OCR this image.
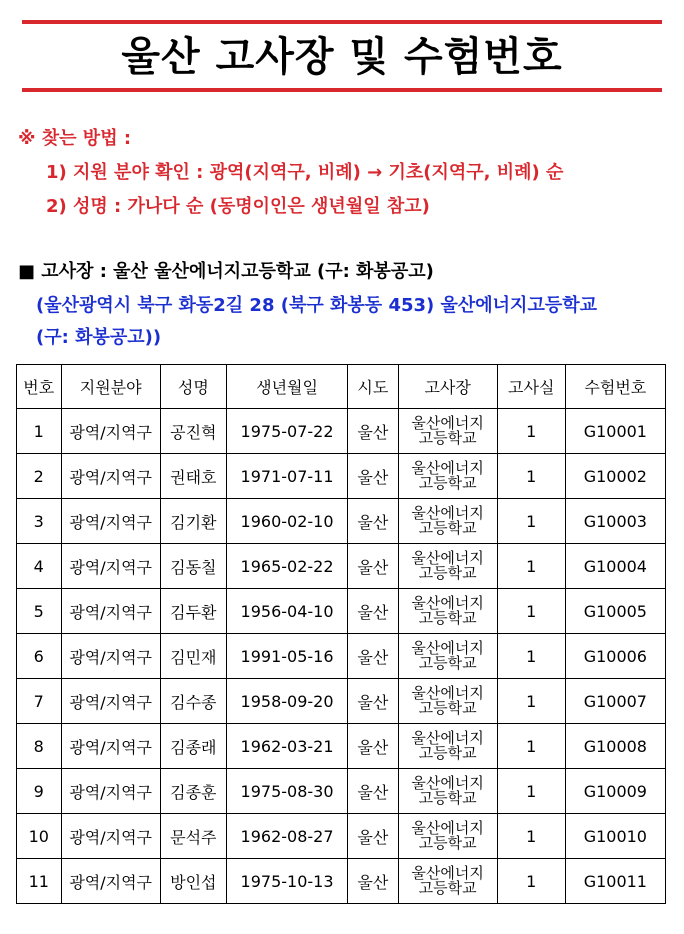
울산 고사장 및 수험번호
※ 찾는 방법 :
1) 지원 분야 확인 : 광역(지역구, 비례) → 기초(지역구, 비례) 순
2) 성명 : 가나다 순 (동명이인은 생년월일 참고)
■ 고사장 : 울산 울산에너지고등학교 (구: 화봉공고)
(울산광역시 북구 화동2길 28 (북구 화봉동 453) 울산에너지고등학교
(구: 화봉공고))
번호	지원분야	성명	생년월일	시도	고사장	고사실	수험번호
1	광역/지역구	공진혁	1975-07-22	울산	울산에너지
고등학교	1	G10001
2	광역/지역구	권태호	1971-07-11	울산	울산에너지
고등학교	1	G10002
3	광역/지역구	김기환	1960-02-10	울산	울산에너지
고등학교	1	G10003
4	광역/지역구	김동칠	1965-02-22	울산	울산에너지
고등학교	1	G10004
5	광역/지역구	김두환	1956-04-10	울산	울산에너지
고등학교	1	G10005
6	광역/지역구	김민재	1991-05-16	울산	울산에너지
고등학교	1	G10006
7	광역/지역구	김수종	1958-09-20	울산	울산에너지
고등학교	1	G10007
8	광역/지역구	김종래	1962-03-21	울산	울산에너지
고등학교	1	G10008
9	광역/지역구	김종훈	1975-08-30	울산	울산에너지
고등학교	1	G10009
10	광역/지역구	문석주	1962-08-27	울산	울산에너지
고등학교	1	G10010
11	광역/지역구	방인섭	1975-10-13	울산	울산에너지
고등학교	1	G10011
